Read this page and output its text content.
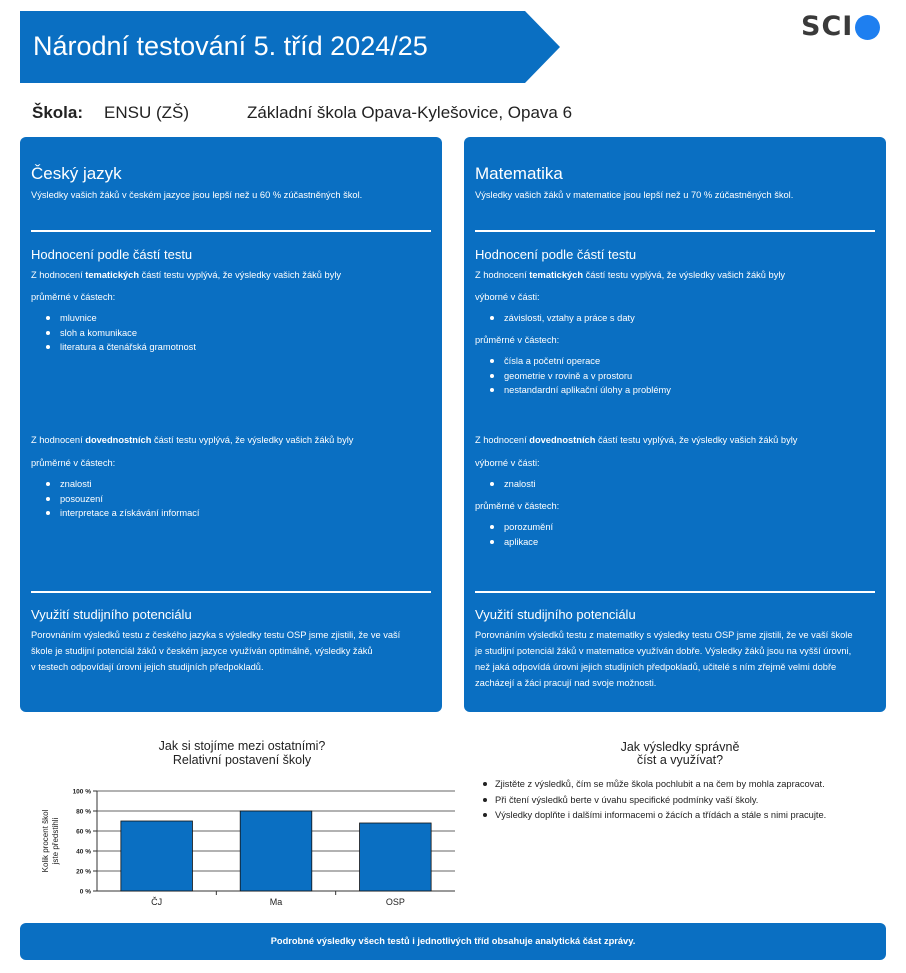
Národní testování 5. tříd 2024/25
SCI
Škola: ENSU (ZŠ)	Základní škola Opava-Kylešovice, Opava 6
Český jazyk
Výsledky vašich žáků v českém jazyce jsou lepší než u 60 % zúčastněných škol.
Hodnocení podle částí testu
Z hodnocení tematických částí testu vyplývá, že výsledky vašich žáků byly
průměrné v částech:
mluvnice
sloh a komunikace
literatura a čtenářská gramotnost
Z hodnocení dovednostních částí testu vyplývá, že výsledky vašich žáků byly
průměrné v částech:
znalosti
posouzení
interpretace a získávání informací
Využití studijního potenciálu
Porovnáním výsledků testu z českého jazyka s výsledky testu OSP jsme zjistili, že ve vaší
škole je studijní potenciál žáků v českém jazyce využíván optimálně, výsledky žáků
v testech odpovídají úrovni jejich studijních předpokladů.
Matematika
Výsledky vašich žáků v matematice jsou lepší než u 70 % zúčastněných škol.
Hodnocení podle částí testu
Z hodnocení tematických částí testu vyplývá, že výsledky vašich žáků byly
výborné v části:
závislosti, vztahy a práce s daty
průměrné v částech:
čísla a početní operace
geometrie v rovině a v prostoru
nestandardní aplikační úlohy a problémy
Z hodnocení dovednostních částí testu vyplývá, že výsledky vašich žáků byly
výborné v části:
znalosti
průměrné v částech:
porozumění
aplikace
Využití studijního potenciálu
Porovnáním výsledků testu z matematiky s výsledky testu OSP jsme zjistili, že ve vaší škole
je studijní potenciál žáků v matematice využíván dobře. Výsledky žáků jsou na vyšší úrovni,
než jaká odpovídá úrovni jejich studijních předpokladů, učitelé s ním zřejmě velmi dobře
zacházejí a žáci pracují nad svoje možnosti.
Jak si stojíme mezi ostatními?
Relativní postavení školy
0 %
20 %
40 %
60 %
80 %
100 %
Kolik procent školjste předstihli
ČJ	Ma	OSP
Jak výsledky správně
číst a využívat?
Zjistěte z výsledků, čím se může škola pochlubit a na čem by mohla zapracovat.
Při čtení výsledků berte v úvahu specifické podmínky vaší školy.
Výsledky doplňte i dalšími informacemi o žácích a třídách a stále s nimi pracujte.
Podrobné výsledky všech testů i jednotlivých tříd obsahuje analytická část zprávy.
